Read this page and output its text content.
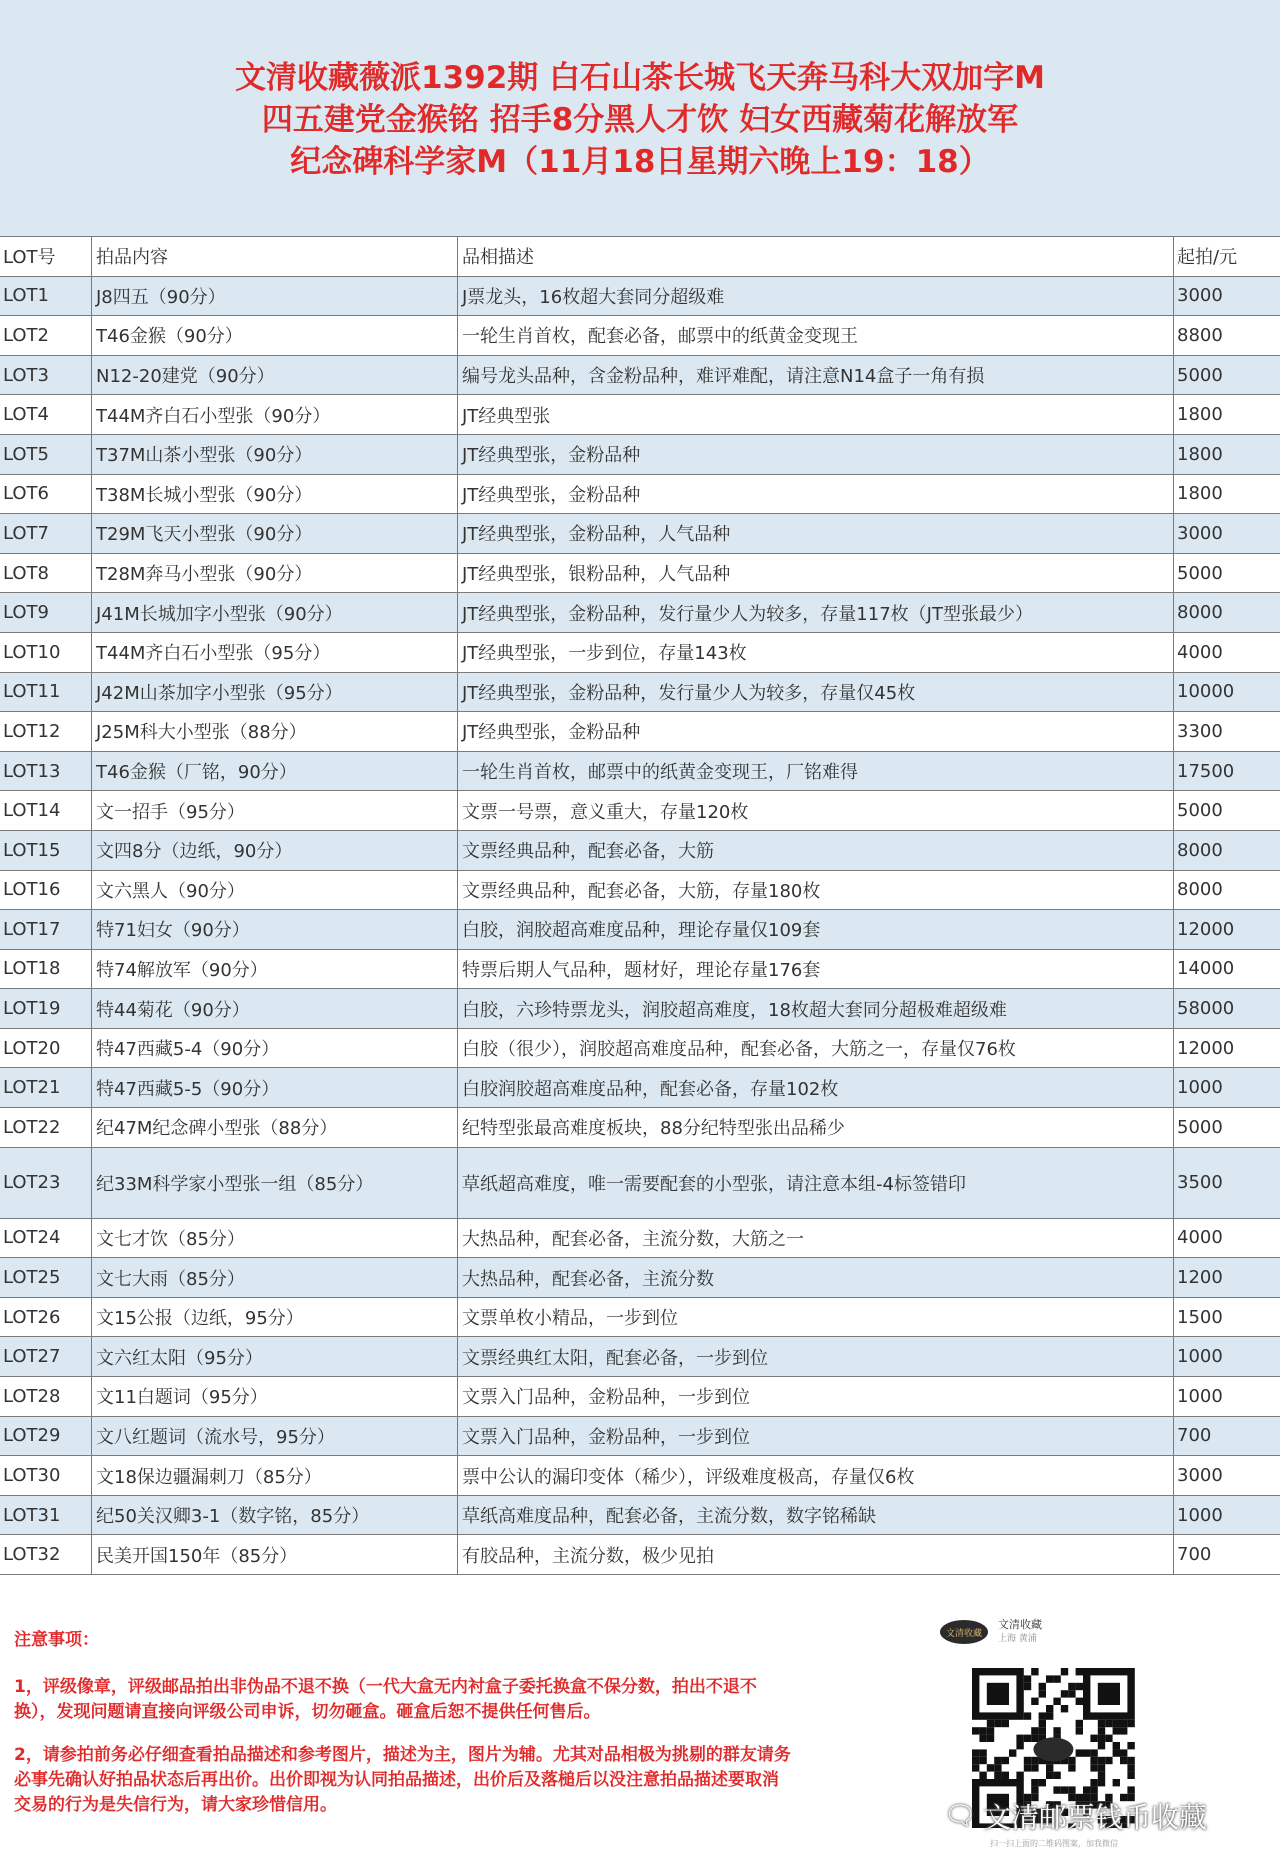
文清收藏薇派1392期 白石山茶长城飞天奔马科大双加字M
四五建党金猴铭 招手8分黑人才饮 妇女西藏菊花解放军
纪念碑科学家M（11月18日星期六晚上19：18）
LOT号	拍品内容	品相描述	起拍/元
LOT1	J8四五（90分）	J票龙头，16枚超大套同分超级难	3000
LOT2	T46金猴（90分）	一轮生肖首枚，配套必备，邮票中的纸黄金变现王	8800
LOT3	N12-20建党（90分）	编号龙头品种，含金粉品种，难评难配，请注意N14盒子一角有损	5000
LOT4	T44M齐白石小型张（90分）	JT经典型张	1800
LOT5	T37M山茶小型张（90分）	JT经典型张，金粉品种	1800
LOT6	T38M长城小型张（90分）	JT经典型张，金粉品种	1800
LOT7	T29M飞天小型张（90分）	JT经典型张，金粉品种，人气品种	3000
LOT8	T28M奔马小型张（90分）	JT经典型张，银粉品种，人气品种	5000
LOT9	J41M长城加字小型张（90分）	JT经典型张，金粉品种，发行量少人为较多，存量117枚（JT型张最少）	8000
LOT10	T44M齐白石小型张（95分）	JT经典型张，一步到位，存量143枚	4000
LOT11	J42M山茶加字小型张（95分）	JT经典型张，金粉品种，发行量少人为较多，存量仅45枚	10000
LOT12	J25M科大小型张（88分）	JT经典型张，金粉品种	3300
LOT13	T46金猴（厂铭，90分）	一轮生肖首枚，邮票中的纸黄金变现王，厂铭难得	17500
LOT14	文一招手（95分）	文票一号票，意义重大，存量120枚	5000
LOT15	文四8分（边纸，90分）	文票经典品种，配套必备，大筋	8000
LOT16	文六黑人（90分）	文票经典品种，配套必备，大筋，存量180枚	8000
LOT17	特71妇女（90分）	白胶，润胶超高难度品种，理论存量仅109套	12000
LOT18	特74解放军（90分）	特票后期人气品种，题材好，理论存量176套	14000
LOT19	特44菊花（90分）	白胶，六珍特票龙头，润胶超高难度，18枚超大套同分超极难超级难	58000
LOT20	特47西藏5-4（90分）	白胶（很少），润胶超高难度品种，配套必备，大筋之一，存量仅76枚	12000
LOT21	特47西藏5-5（90分）	白胶润胶超高难度品种，配套必备，存量102枚	1000
LOT22	纪47M纪念碑小型张（88分）	纪特型张最高难度板块，88分纪特型张出品稀少	5000
LOT23	纪33M科学家小型张一组（85分）	草纸超高难度，唯一需要配套的小型张，请注意本组-4标签错印	3500
LOT24	文七才饮（85分）	大热品种，配套必备，主流分数，大筋之一	4000
LOT25	文七大雨（85分）	大热品种，配套必备，主流分数	1200
LOT26	文15公报（边纸，95分）	文票单枚小精品，一步到位	1500
LOT27	文六红太阳（95分）	文票经典红太阳，配套必备，一步到位	1000
LOT28	文11白题词（95分）	文票入门品种，金粉品种，一步到位	1000
LOT29	文八红题词（流水号，95分）	文票入门品种，金粉品种，一步到位	700
LOT30	文18保边疆漏刺刀（85分）	票中公认的漏印变体（稀少），评级难度极高，存量仅6枚	3000
LOT31	纪50关汉卿3-1（数字铭，85分）	草纸高难度品种，配套必备，主流分数，数字铭稀缺	1000
LOT32	民美开国150年（85分）	有胶品种，主流分数，极少见拍	700
注意事项：

1，评级像章，评级邮品拍出非伪品不退不换（一代大盒无内衬盒子委托换盒不保分数，拍出不退不换），发现问题请直接向评级公司申诉，切勿砸盒。砸盒后恕不提供任何售后。

2，请参拍前务必仔细查看拍品描述和参考图片，描述为主，图片为辅。尤其对品相极为挑剔的群友请务必事先确认好拍品状态后再出价。出价即视为认同拍品描述，出价后及落槌后以没注意拍品描述要取消交易的行为是失信行为，请大家珍惜信用。

文清收藏
文清收藏
上海 黄浦
扫一扫上面的二维码图案，加我微信
🗨 文清邮票钱币收藏
